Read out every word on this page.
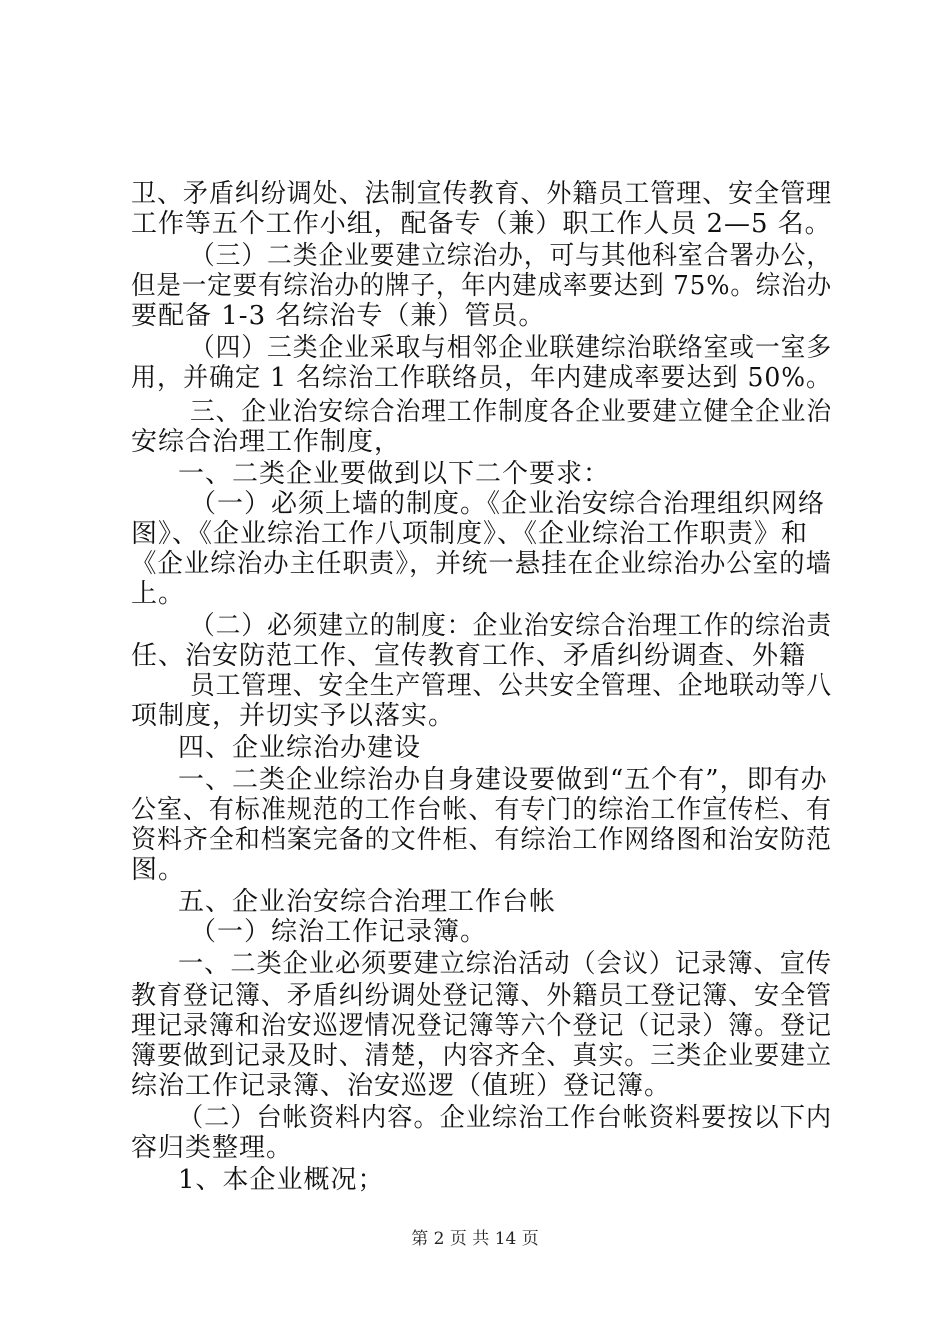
卫、矛盾纠纷调处、法制宣传教育、外籍员工管理、安全管理

工作等五个工作小组，配备专（兼）职工作人员 2—5 名。

（三）二类企业要建立综治办，可与其他科室合署办公，

但是一定要有综治办的牌子，年内建成率要达到 75%。综治办

要配备 1-3 名综治专（兼）管员。

（四）三类企业采取与相邻企业联建综治联络室或一室多

用，并确定 1 名综治工作联络员，年内建成率要达到 50%。

三、企业治安综合治理工作制度各企业要建立健全企业治

安综合治理工作制度，

一、二类企业要做到以下二个要求：

（一）必须上墙的制度。《企业治安综合治理组织网络

图》、《企业综治工作八项制度》、《企业综治工作职责》和

《企业综治办主任职责》，并统一悬挂在企业综治办公室的墙

上。

（二）必须建立的制度：企业治安综合治理工作的综治责

任、治安防范工作、宣传教育工作、矛盾纠纷调查、外籍

员工管理、安全生产管理、公共安全管理、企地联动等八

项制度，并切实予以落实。

四、企业综治办建设

一、二类企业综治办自身建设要做到“五个有”，即有办

公室、有标准规范的工作台帐、有专门的综治工作宣传栏、有

资料齐全和档案完备的文件柜、有综治工作网络图和治安防范

图。

五、企业治安综合治理工作台帐

（一）综治工作记录簿。

一、二类企业必须要建立综治活动（会议）记录簿、宣传

教育登记簿、矛盾纠纷调处登记簿、外籍员工登记簿、安全管

理记录簿和治安巡逻情况登记簿等六个登记（记录）簿。登记

簿要做到记录及时、清楚，内容齐全、真实。三类企业要建立

综治工作记录簿、治安巡逻（值班）登记簿。

（二）台帐资料内容。企业综治工作台帐资料要按以下内

容归类整理。

1、本企业概况；

第 2 页 共 14 页
